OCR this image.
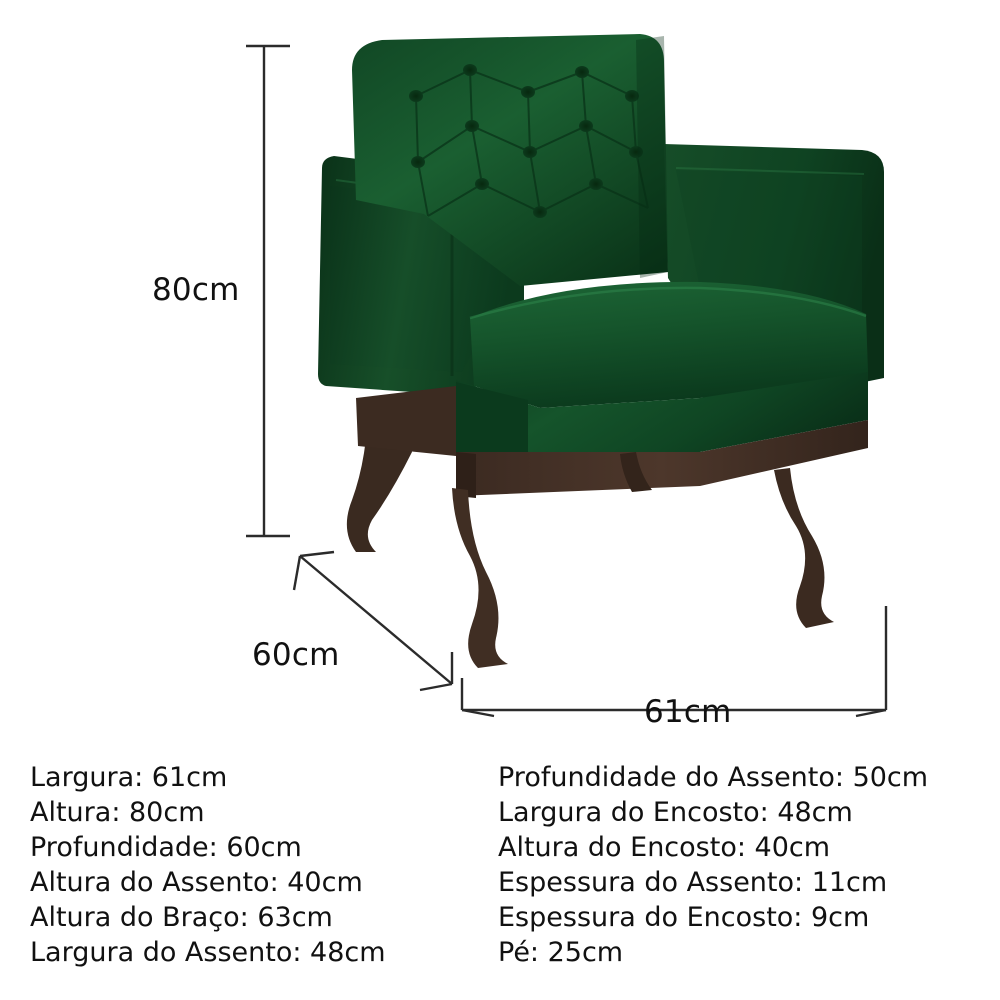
80cm
60cm
61cm
Largura: 61cm
Altura: 80cm
Profundidade: 60cm
Altura do Assento: 40cm
Altura do Braço: 63cm
Largura do Assento: 48cm
Profundidade do Assento: 50cm
Largura do Encosto: 48cm
Altura do Encosto: 40cm
Espessura do Assento: 11cm
Espessura do Encosto: 9cm
Pé: 25cm
